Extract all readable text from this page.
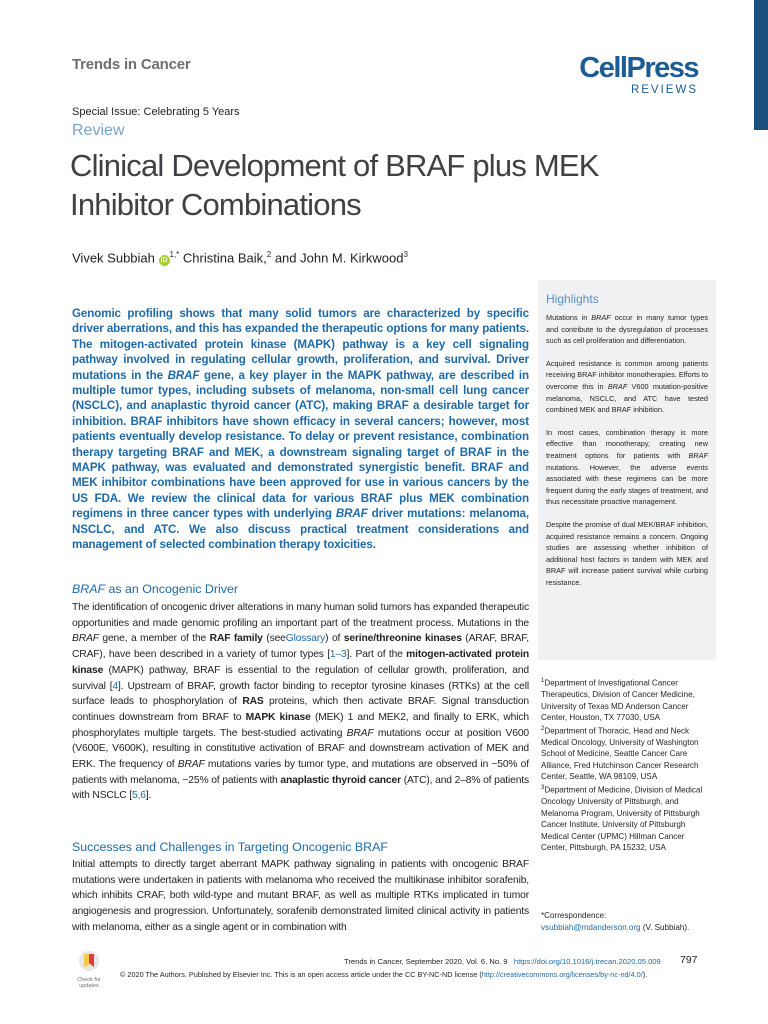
Trends in Cancer	CellPress
REVIEWS
Special Issue: Celebrating 5 Years
Review
Clinical Development of BRAF plus MEK Inhibitor Combinations
Vivek Subbiah $iD^{1,*}$ Christina Baik,$^2$ and John M. Kirkwood$^3$
Genomic profiling shows that many solid tumors are characterized by specific driver aberrations, and this has expanded the therapeutic options for many patients. The mitogen-activated protein kinase (MAPK) pathway is a key cell signaling pathway involved in regulating cellular growth, proliferation, and survival. Driver mutations in the BRAF gene, a key player in the MAPK pathway, are described in multiple tumor types, including subsets of melanoma, non-small cell lung cancer (NSCLC), and anaplastic thyroid cancer (ATC), making BRAF a desirable target for inhibition. BRAF inhibitors have shown efficacy in several cancers; however, most patients eventually develop resistance. To delay or prevent resistance, combination therapy targeting BRAF and MEK, a downstream signaling target of BRAF in the MAPK pathway, was evaluated and demonstrated synergistic benefit. BRAF and MEK inhibitor combinations have been approved for use in various cancers by the US FDA. We review the clinical data for various BRAF plus MEK combination regimens in three cancer types with underlying BRAF driver mutations: melanoma, NSCLC, and ATC. We also discuss practical treatment considerations and management of selected combination therapy toxicities.
Highlights

Mutations in BRAF occur in many tumor types and contribute to the dysregulation of processes such as cell proliferation and differentiation.

Acquired resistance is common among patients receiving BRAF inhibitor monotherapies. Efforts to overcome this in BRAF V600 mutation-positive melanoma, NSCLC, and ATC have tested combined MEK and BRAF inhibition.

In most cases, combination therapy is more effective than monotherapy, creating new treatment options for patients with BRAF mutations. However, the adverse events associated with these regimens can be more frequent during the early stages of treatment, and thus necessitate proactive management.

Despite the promise of dual MEK/BRAF inhibition, acquired resistance remains a concern. Ongoing studies are assessing whether inhibition of additional host factors in tandem with MEK and BRAF will increase patient survival while curbing resistance.

BRAF as an Oncogenic Driver
The identification of oncogenic driver alterations in many human solid tumors has expanded therapeutic opportunities and made genomic profiling an important part of the treatment process. Mutations in the BRAF gene, a member of the RAF family (seeGlossary) of serine/threonine kinases (ARAF, BRAF, CRAF), have been described in a variety of tumor types [1–3]. Part of the mitogen-activated protein kinase (MAPK) pathway, BRAF is essential to the regulation of cellular growth, proliferation, and survival [4]. Upstream of BRAF, growth factor binding to receptor tyrosine kinases (RTKs) at the cell surface leads to phosphorylation of RAS proteins, which then activate BRAF. Signal transduction continues downstream from BRAF to MAPK kinase (MEK) 1 and MEK2, and finally to ERK, which phosphorylates multiple targets. The best-studied activating BRAF mutations occur at position V600 (V600E, V600K), resulting in constitutive activation of BRAF and downstream activation of MEK and ERK. The frequency of BRAF mutations varies by tumor type, and mutations are observed in ~50% of patients with melanoma, ~25% of patients with anaplastic thyroid cancer (ATC), and 2–8% of patients with NSCLC [5,6].
Successes and Challenges in Targeting Oncogenic BRAF
Initial attempts to directly target aberrant MAPK pathway signaling in patients with oncogenic BRAF mutations were undertaken in patients with melanoma who received the multikinase inhibitor sorafenib, which inhibits CRAF, both wild-type and mutant BRAF, as well as multiple RTKs implicated in tumor angiogenesis and progression. Unfortunately, sorafenib demonstrated limited clinical activity in patients with melanoma, either as a single agent or in combination with
$^1$Department of Investigational Cancer Therapeutics, Division of Cancer Medicine, University of Texas MD Anderson Cancer Center, Houston, TX 77030, USA
$^2$Department of Thoracic, Head and Neck Medical Oncology, University of Washington School of Medicine, Seattle Cancer Care Alliance, Fred Hutchinson Cancer Research Center, Seattle, WA 98109, USA
$^3$Department of Medicine, Division of Medical Oncology University of Pittsburgh, and Melanoma Program, University of Pittsburgh Cancer Institute, University of Pittsburgh Medical Center (UPMC) Hillman Cancer Center, Pittsburgh, PA 15232, USA
*Correspondence:
vsubbiah@mdanderson.org (V. Subbiah).
Check for
updates
Trends in Cancer, September 2020, Vol. 6, No. 9 https://doi.org/10.1016/j.trecan.2020.05.009 797
© 2020 The Authors. Published by Elsevier Inc. This is an open access article under the CC BY-NC-ND license (http://creativecommons.org/licenses/by-nc-nd/4.0/).
